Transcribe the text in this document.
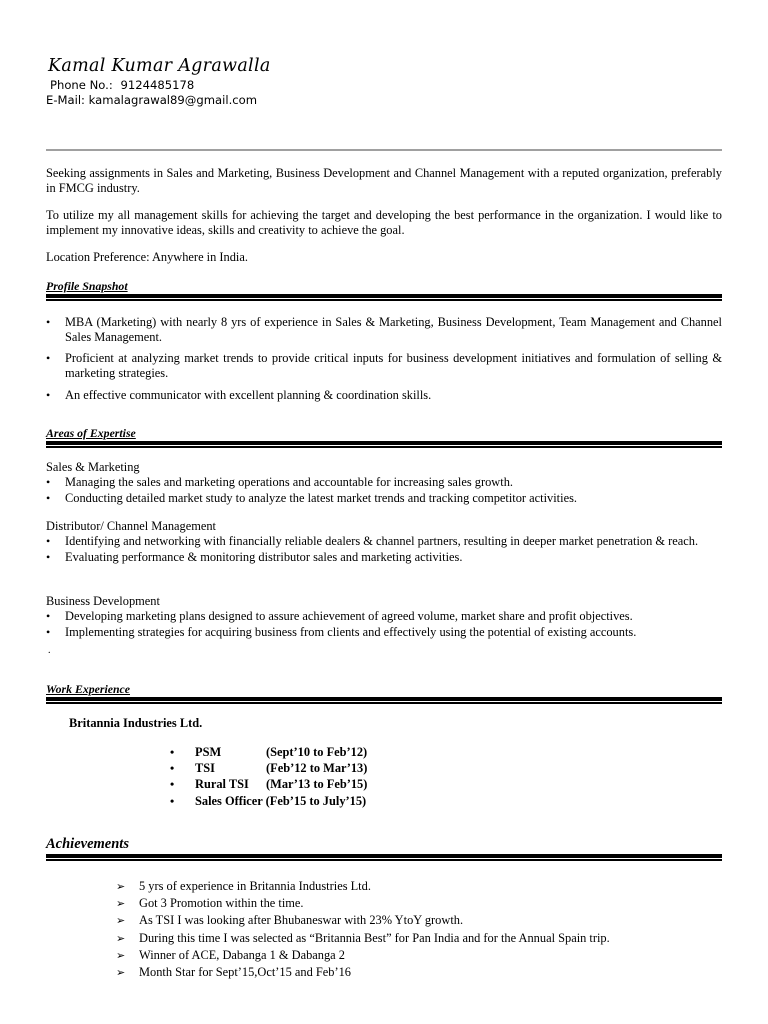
Kamal Kumar Agrawalla
Phone No.: 9124485178
E-Mail: kamalagrawal89@gmail.com
Seeking assignments in Sales and Marketing, Business Development and Channel Management with a reputed organization, preferably in FMCG industry.
To utilize my all management skills for achieving the target and developing the best performance in the organization. I would like to implement my innovative ideas, skills and creativity to achieve the goal.
Location Preference: Anywhere in India.
Profile Snapshot
• MBA (Marketing) with nearly 8 yrs of experience in Sales & Marketing, Business Development, Team Management and Channel Sales Management.
• Proficient at analyzing market trends to provide critical inputs for business development initiatives and formulation of selling & marketing strategies.
• An effective communicator with excellent planning & coordination skills.
Areas of Expertise
Sales & Marketing
• Managing the sales and marketing operations and accountable for increasing sales growth.
• Conducting detailed market study to analyze the latest market trends and tracking competitor activities.
Distributor/ Channel Management
• Identifying and networking with financially reliable dealers & channel partners, resulting in deeper market penetration & reach.
• Evaluating performance & monitoring distributor sales and marketing activities.
Business Development
• Developing marketing plans designed to assure achievement of agreed volume, market share and profit objectives.
• Implementing strategies for acquiring business from clients and effectively using the potential of existing accounts.
.
Work Experience
Britannia Industries Ltd.
•	PSM	(Sept’10 to Feb’12)
•	TSI	(Feb’12 to Mar’13)
•	Rural TSI	(Mar’13 to Feb’15)
•	Sales Officer (Feb’15 to July’15)	
Achievements
➢ 5 yrs of experience in Britannia Industries Ltd.
➢ Got 3 Promotion within the time.
➢ As TSI I was looking after Bhubaneswar with 23% YtoY growth.
➢ During this time I was selected as “Britannia Best” for Pan India and for the Annual Spain trip.
➢ Winner of ACE, Dabanga 1 & Dabanga 2
➢ Month Star for Sept’15,Oct’15 and Feb’16
